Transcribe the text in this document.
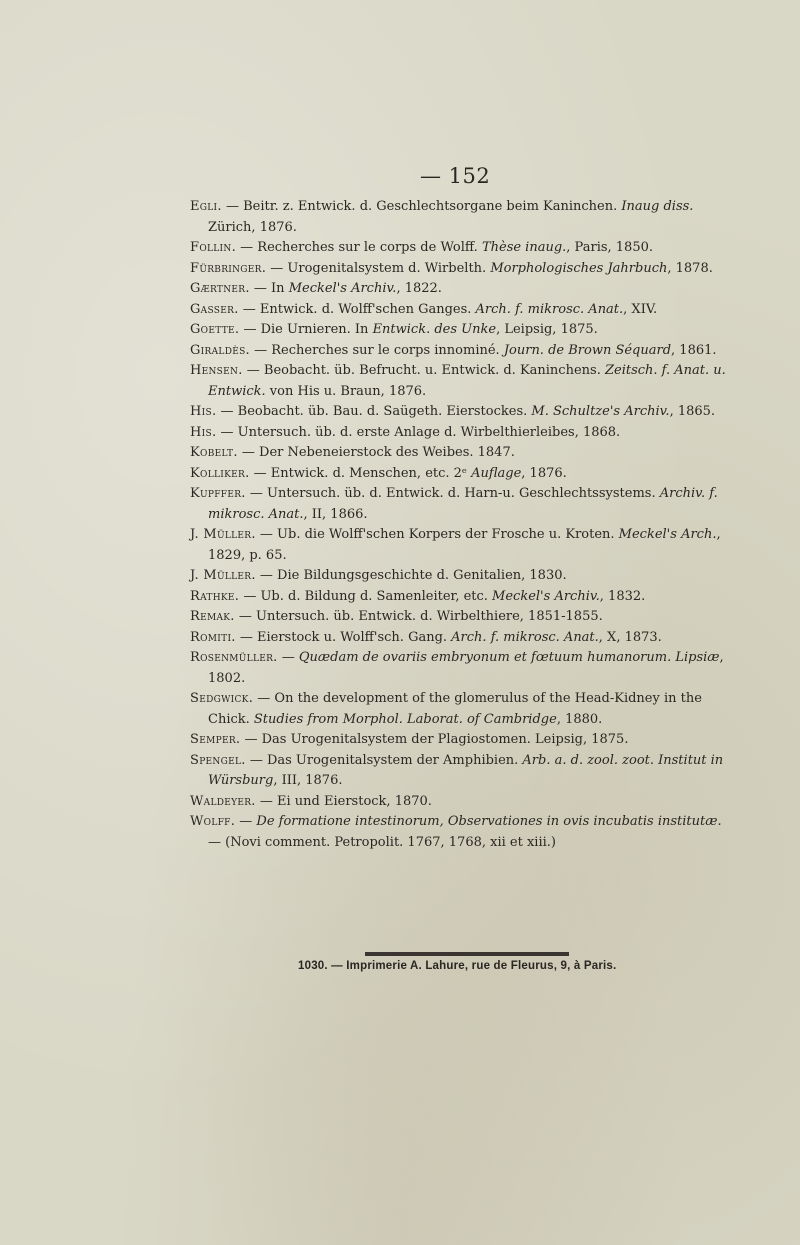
— 152

Egli. — Beitr. z. Entwick. d. Geschlechtsorgane beim Kaninchen. Inaug diss. Zürich, 1876.

Follin. — Recherches sur le corps de Wolff. Thèse inaug., Paris, 1850.

Fürbringer. — Urogenitalsystem d. Wirbelth. Morphologisches Jahrbuch, 1878.

Gærtner. — In Meckel's Archiv., 1822.

Gasser. — Entwick. d. Wolff'schen Ganges. Arch. f. mikrosc. Anat., XIV.

Goette. — Die Urnieren. In Entwick. des Unke, Leipsig, 1875.

Giraldès. — Recherches sur le corps innominé. Journ. de Brown Séquard, 1861.

Hensen. — Beobacht. üb. Befrucht. u. Entwick. d. Kaninchens. Zeitsch. f. Anat. u. Entwick. von His u. Braun, 1876.

His. — Beobacht. üb. Bau. d. Saügeth. Eierstockes. M. Schultze's Archiv., 1865.

His. — Untersuch. üb. d. erste Anlage d. Wirbelthierleibes, 1868.

Kobelt. — Der Nebeneierstock des Weibes. 1847.

Kolliker. — Entwick. d. Menschen, etc. 2ᵉ Auflage, 1876.

Kupffer. — Untersuch. üb. d. Entwick. d. Harn-u. Geschlechtssystems. Archiv. f. mikrosc. Anat., II, 1866.

J. Müller. — Ub. die Wolff'schen Korpers der Frosche u. Kroten. Meckel's Arch., 1829, p. 65.

J. Müller. — Die Bildungsgeschichte d. Genitalien, 1830.

Rathke. — Ub. d. Bildung d. Samenleiter, etc. Meckel's Archiv., 1832.

Remak. — Untersuch. üb. Entwick. d. Wirbelthiere, 1851-1855.

Romiti. — Eierstock u. Wolff'sch. Gang. Arch. f. mikrosc. Anat., X, 1873.

Rosenmüller. — Quædam de ovariis embryonum et fœtuum humanorum. Lipsiæ, 1802.

Sedgwick. — On the development of the glomerulus of the Head-Kidney in the Chick. Studies from Morphol. Laborat. of Cambridge, 1880.

Semper. — Das Urogenitalsystem der Plagiostomen. Leipsig, 1875.

Spengel. — Das Urogenitalsystem der Amphibien. Arb. a. d. zool. zoot. Institut in Würsburg, III, 1876.

Waldeyer. — Ei und Eierstock, 1870.

Wolff. — De formatione intestinorum, Observationes in ovis incubatis institutæ. — (Novi comment. Petropolit. 1767, 1768, xii et xiii.)

1030. — Imprimerie A. Lahure, rue de Fleurus, 9, à Paris.
